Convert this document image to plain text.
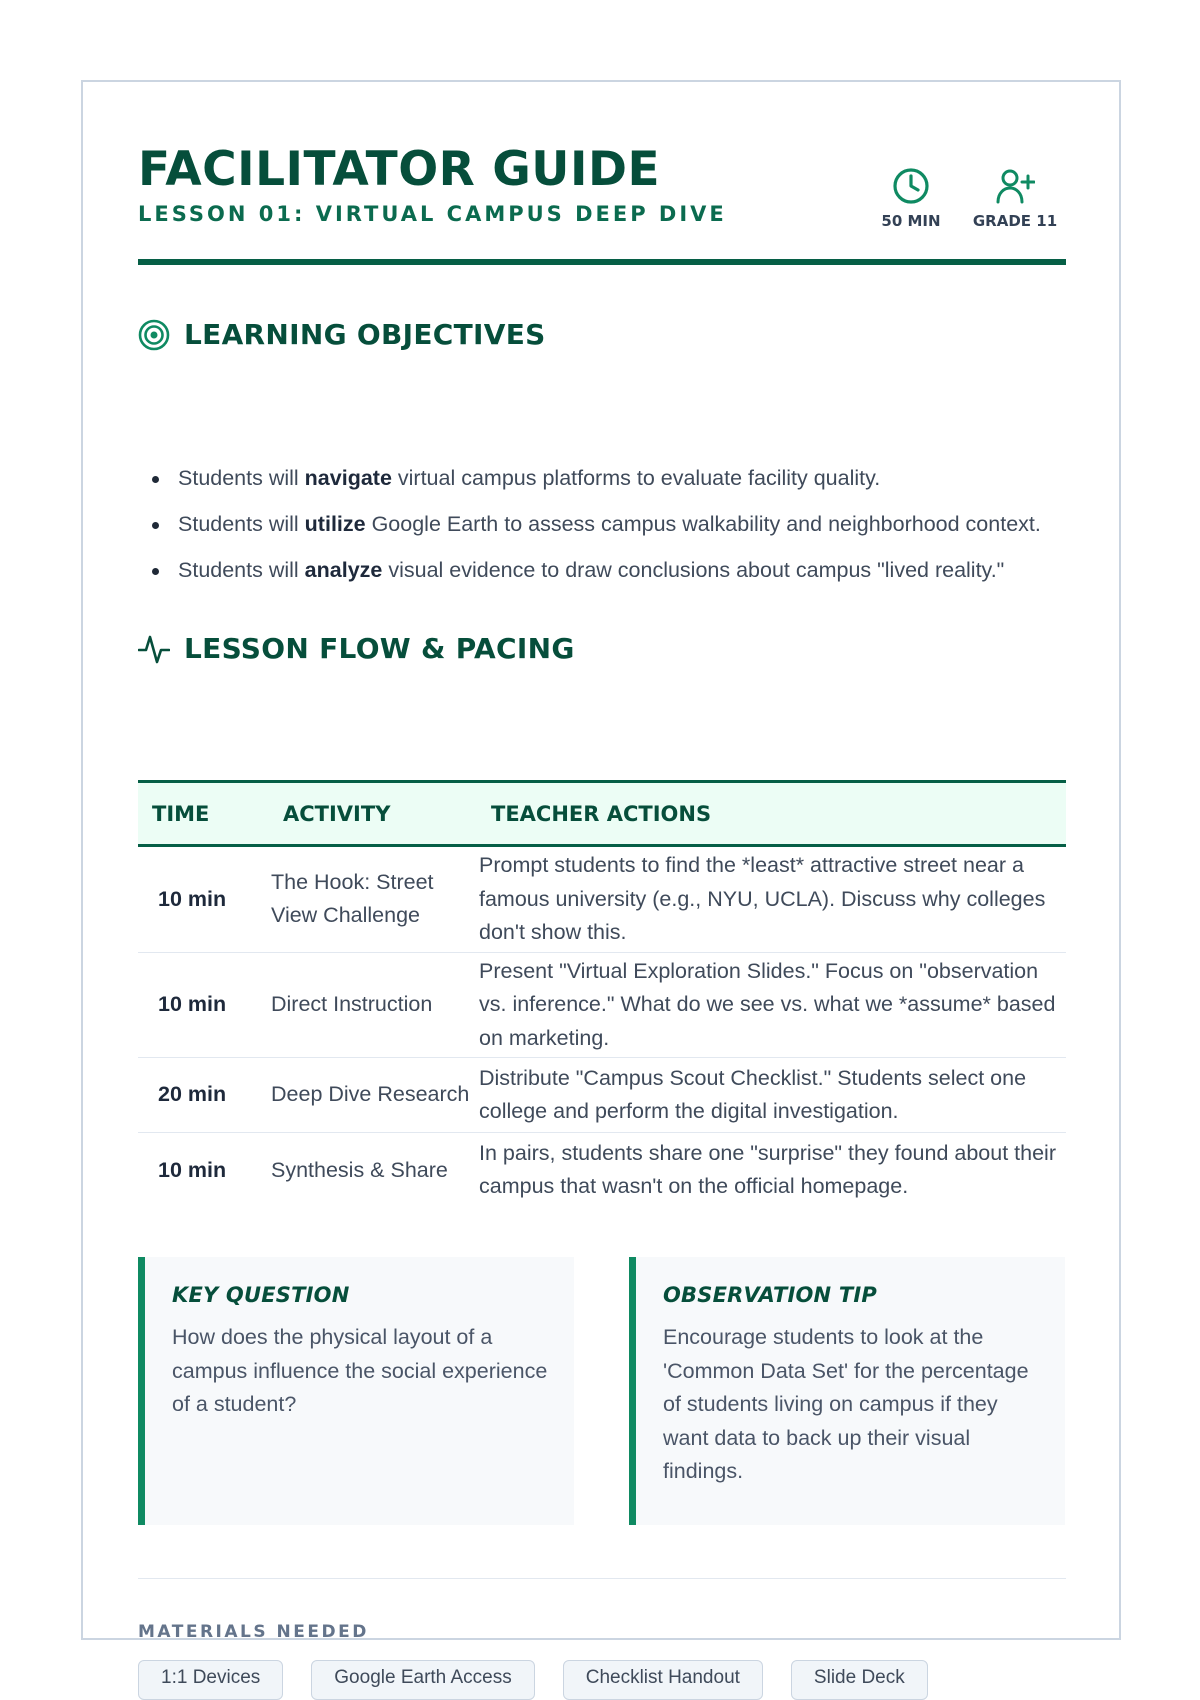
FACILITATOR GUIDE
LESSON 01: VIRTUAL CAMPUS DEEP DIVE	50 MIN	GRADE 11
LEARNING OBJECTIVES
Students will navigate virtual campus platforms to evaluate facility quality.
Students will utilize Google Earth to assess campus walkability and neighborhood context.
Students will analyze visual evidence to draw conclusions about campus "lived reality."
LESSON FLOW & PACING
TIME	ACTIVITY	TEACHER ACTIONS
10 min	The Hook: Street View Challenge	Prompt students to find the *least* attractive street near a famous university (e.g., NYU, UCLA). Discuss why colleges don't show this.
10 min	Direct Instruction	Present "Virtual Exploration Slides." Focus on "observation vs. inference." What do we see vs. what we *assume* based on marketing.
20 min	Deep Dive Research	Distribute "Campus Scout Checklist." Students select one college and perform the digital investigation.
10 min	Synthesis & Share	In pairs, students share one "surprise" they found about their campus that wasn't on the official homepage.
KEY QUESTION
How does the physical layout of a campus influence the social experience of a student?
OBSERVATION TIP
Encourage students to look at the 'Common Data Set' for the percentage of students living on campus if they want data to back up their visual findings.
MATERIALS NEEDED
1:1 Devices	Google Earth Access	Checklist Handout	Slide Deck
